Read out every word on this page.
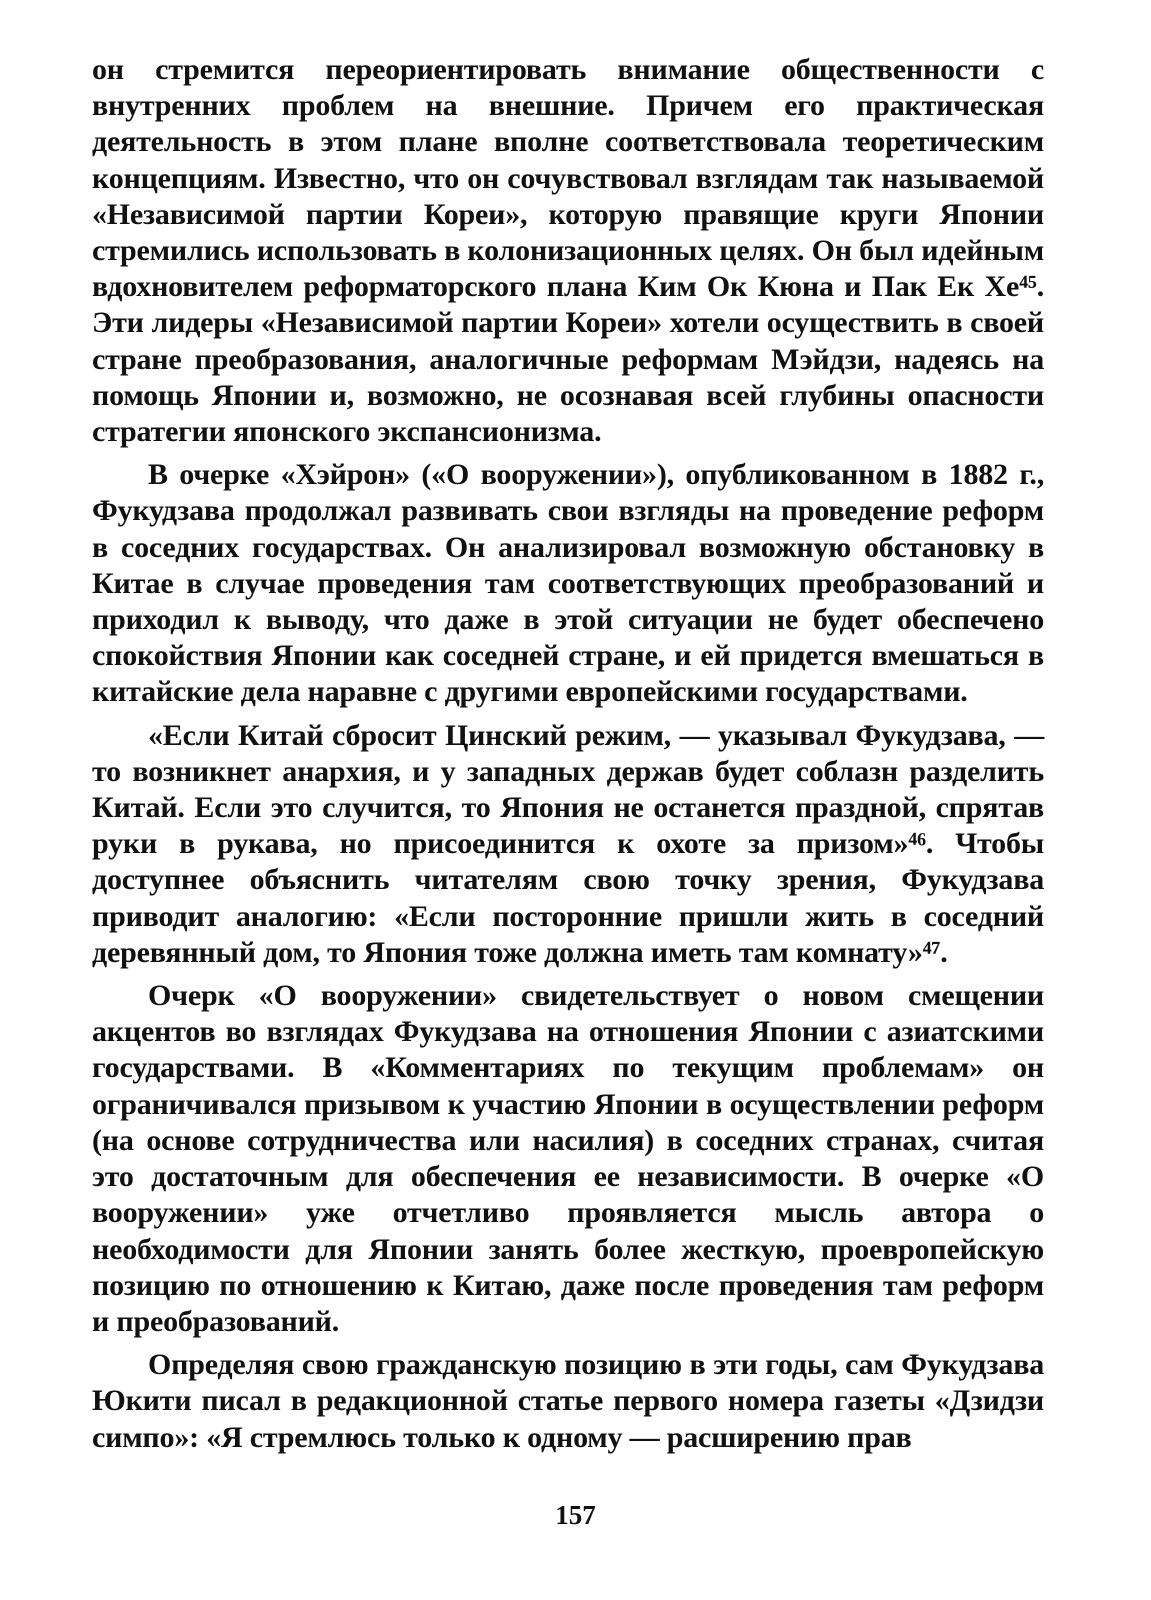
он стремится переориентировать внимание общественности с внутренних проблем на внешние. Причем его практическая деятельность в этом плане вполне соответствовала теоретическим концепциям. Известно, что он сочувствовал взглядам так называемой «Независимой партии Кореи», которую правящие круги Японии стремились использовать в колонизационных целях. Он был идейным вдохновителем реформаторского плана Ким Ок Кюна и Пак Ек Хе⁴⁵. Эти лидеры «Независимой партии Кореи» хотели осуществить в своей стране преобразования, аналогичные реформам Мэйдзи, надеясь на помощь Японии и, возможно, не осознавая всей глубины опасности стратегии японского экспансионизма.

В очерке «Хэйрон» («О вооружении»), опубликованном в 1882 г., Фукудзава продолжал развивать свои взгляды на проведение реформ в соседних государствах. Он анализировал возможную обстановку в Китае в случае проведения там соответствующих преобразований и приходил к выводу, что даже в этой ситуации не будет обеспечено спокойствия Японии как соседней стране, и ей придется вмешаться в китайские дела наравне с другими европейскими государствами.

«Если Китай сбросит Цинский режим, — указывал Фукудзава, — то возникнет анархия, и у западных держав будет соблазн разделить Китай. Если это случится, то Япония не останется праздной, спрятав руки в рукава, но присоединится к охоте за призом»⁴⁶. Чтобы доступнее объяснить читателям свою точку зрения, Фукудзава приводит аналогию: «Если посторонние пришли жить в соседний деревянный дом, то Япония тоже должна иметь там комнату»⁴⁷.

Очерк «О вооружении» свидетельствует о новом смещении акцентов во взглядах Фукудзава на отношения Японии с азиатскими государствами. В «Комментариях по текущим проблемам» он ограничивался призывом к участию Японии в осуществлении реформ (на основе сотрудничества или насилия) в соседних странах, считая это достаточным для обеспечения ее независимости. В очерке «О вооружении» уже отчетливо проявляется мысль автора о необходимости для Японии занять более жесткую, проевропейскую позицию по отношению к Китаю, даже после проведения там реформ и преобразований.

Определяя свою гражданскую позицию в эти годы, сам Фукудзава Юкити писал в редакционной статье первого номера газеты «Дзидзи симпо»: «Я стремлюсь только к одному — расширению прав

157
